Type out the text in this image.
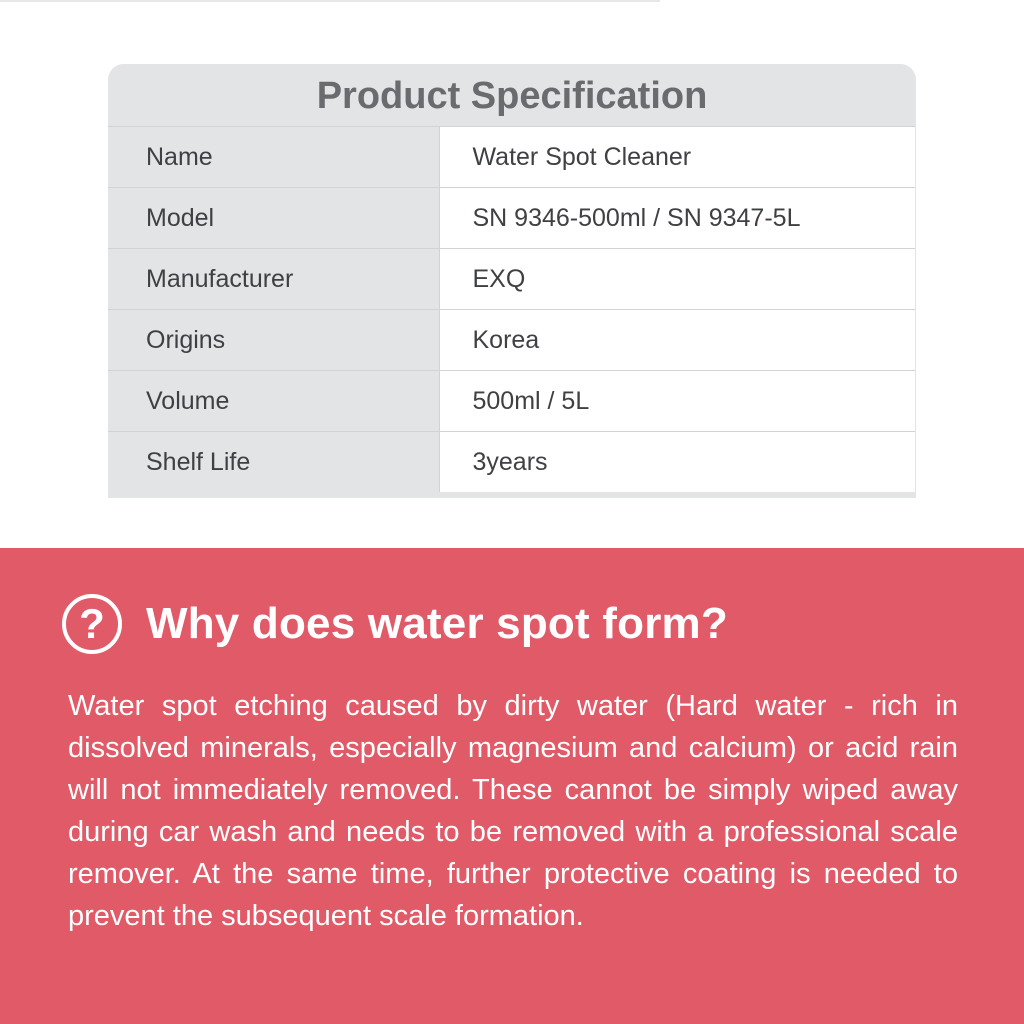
Product Specification
Name	Water Spot Cleaner
Model	SN 9346-500ml / SN 9347-5L
Manufacturer	EXQ
Origins	Korea
Volume	500ml / 5L
Shelf Life	3years
? Why does water spot form?

Water spot etching caused by dirty water (Hard water - rich in dissolved minerals, especially magnesium and calcium) or acid rain will not immediately removed. These cannot be simply wiped away during car wash and needs to be removed with a professional scale remover. At the same time, further protective coating is needed to prevent the subsequent scale formation.
